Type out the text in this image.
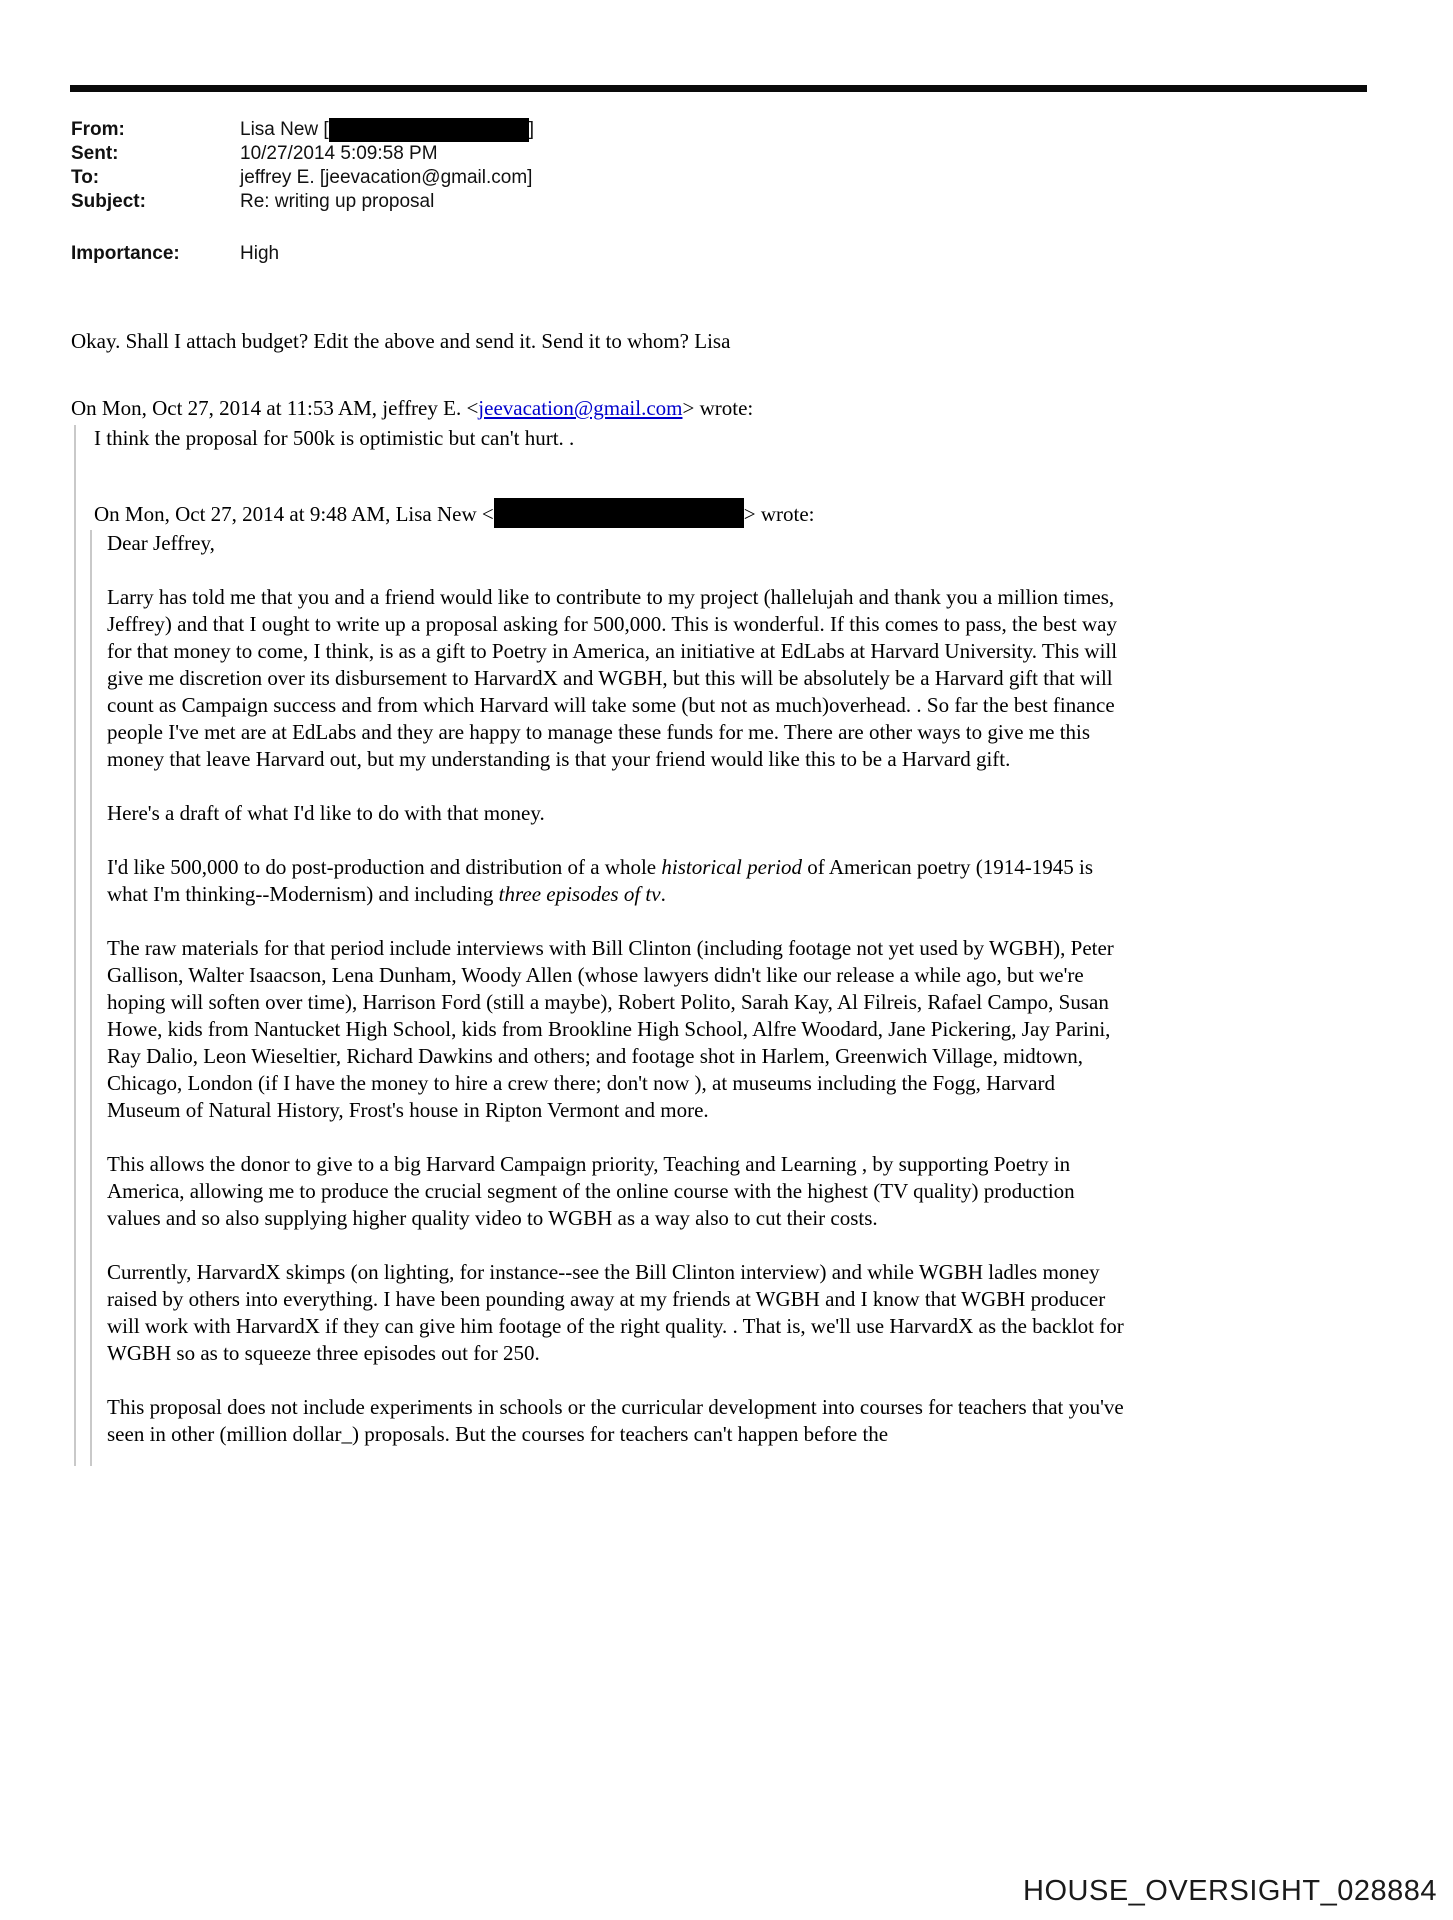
From:	Lisa New [	]
Sent:	10/27/2014 5:09:58 PM
To:	jeffrey E. [jeevacation@gmail.com]
Subject:	Re: writing up proposal
Importance:	High

Okay. Shall I attach budget? Edit the above and send it. Send it to whom? Lisa

On Mon, Oct 27, 2014 at 11:53 AM, jeffrey E. <jeevacation@gmail.com> wrote:

I think the proposal for 500k is optimistic but can't hurt. .

On Mon, Oct 27, 2014 at 9:48 AM, Lisa New <	> wrote:

Dear Jeffrey,

Larry has told me that you and a friend would like to contribute to my project (hallelujah and thank you a million times, Jeffrey) and that I ought to write up a proposal asking for 500,000. This is wonderful. If this comes to pass, the best way for that money to come, I think, is as a gift to Poetry in America, an initiative at EdLabs at Harvard University. This will give me discretion over its disbursement to HarvardX and WGBH, but this will be absolutely be a Harvard gift that will count as Campaign success and from which Harvard will take some (but not as much)overhead. . So far the best finance people I've met are at EdLabs and they are happy to manage these funds for me. There are other ways to give me this money that leave Harvard out, but my understanding is that your friend would like this to be a Harvard gift.

Here's a draft of what I'd like to do with that money.

I'd like 500,000 to do post-production and distribution of a whole historical period of American poetry (1914-1945 is what I'm thinking--Modernism) and including three episodes of tv.

The raw materials for that period include interviews with Bill Clinton (including footage not yet used by WGBH), Peter Gallison, Walter Isaacson, Lena Dunham, Woody Allen (whose lawyers didn't like our release a while ago, but we're hoping will soften over time), Harrison Ford (still a maybe), Robert Polito, Sarah Kay, Al Filreis, Rafael Campo, Susan Howe, kids from Nantucket High School, kids from Brookline High School, Alfre Woodard, Jane Pickering, Jay Parini, Ray Dalio, Leon Wieseltier, Richard Dawkins and others; and footage shot in Harlem, Greenwich Village, midtown, Chicago, London (if I have the money to hire a crew there; don't now ), at museums including the Fogg, Harvard Museum of Natural History, Frost's house in Ripton Vermont and more.

This allows the donor to give to a big Harvard Campaign priority, Teaching and Learning , by supporting Poetry in America, allowing me to produce the crucial segment of the online course with the highest (TV quality) production values and so also supplying higher quality video to WGBH as a way also to cut their costs.

Currently, HarvardX skimps (on lighting, for instance--see the Bill Clinton interview) and while WGBH ladles money raised by others into everything. I have been pounding away at my friends at WGBH and I know that WGBH producer will work with HarvardX if they can give him footage of the right quality. . That is, we'll use HarvardX as the backlot for WGBH so as to squeeze three episodes out for 250.

This proposal does not include experiments in schools or the curricular development into courses for teachers that you've seen in other (million dollar_) proposals. But the courses for teachers can't happen before the

HOUSE_OVERSIGHT_028884
